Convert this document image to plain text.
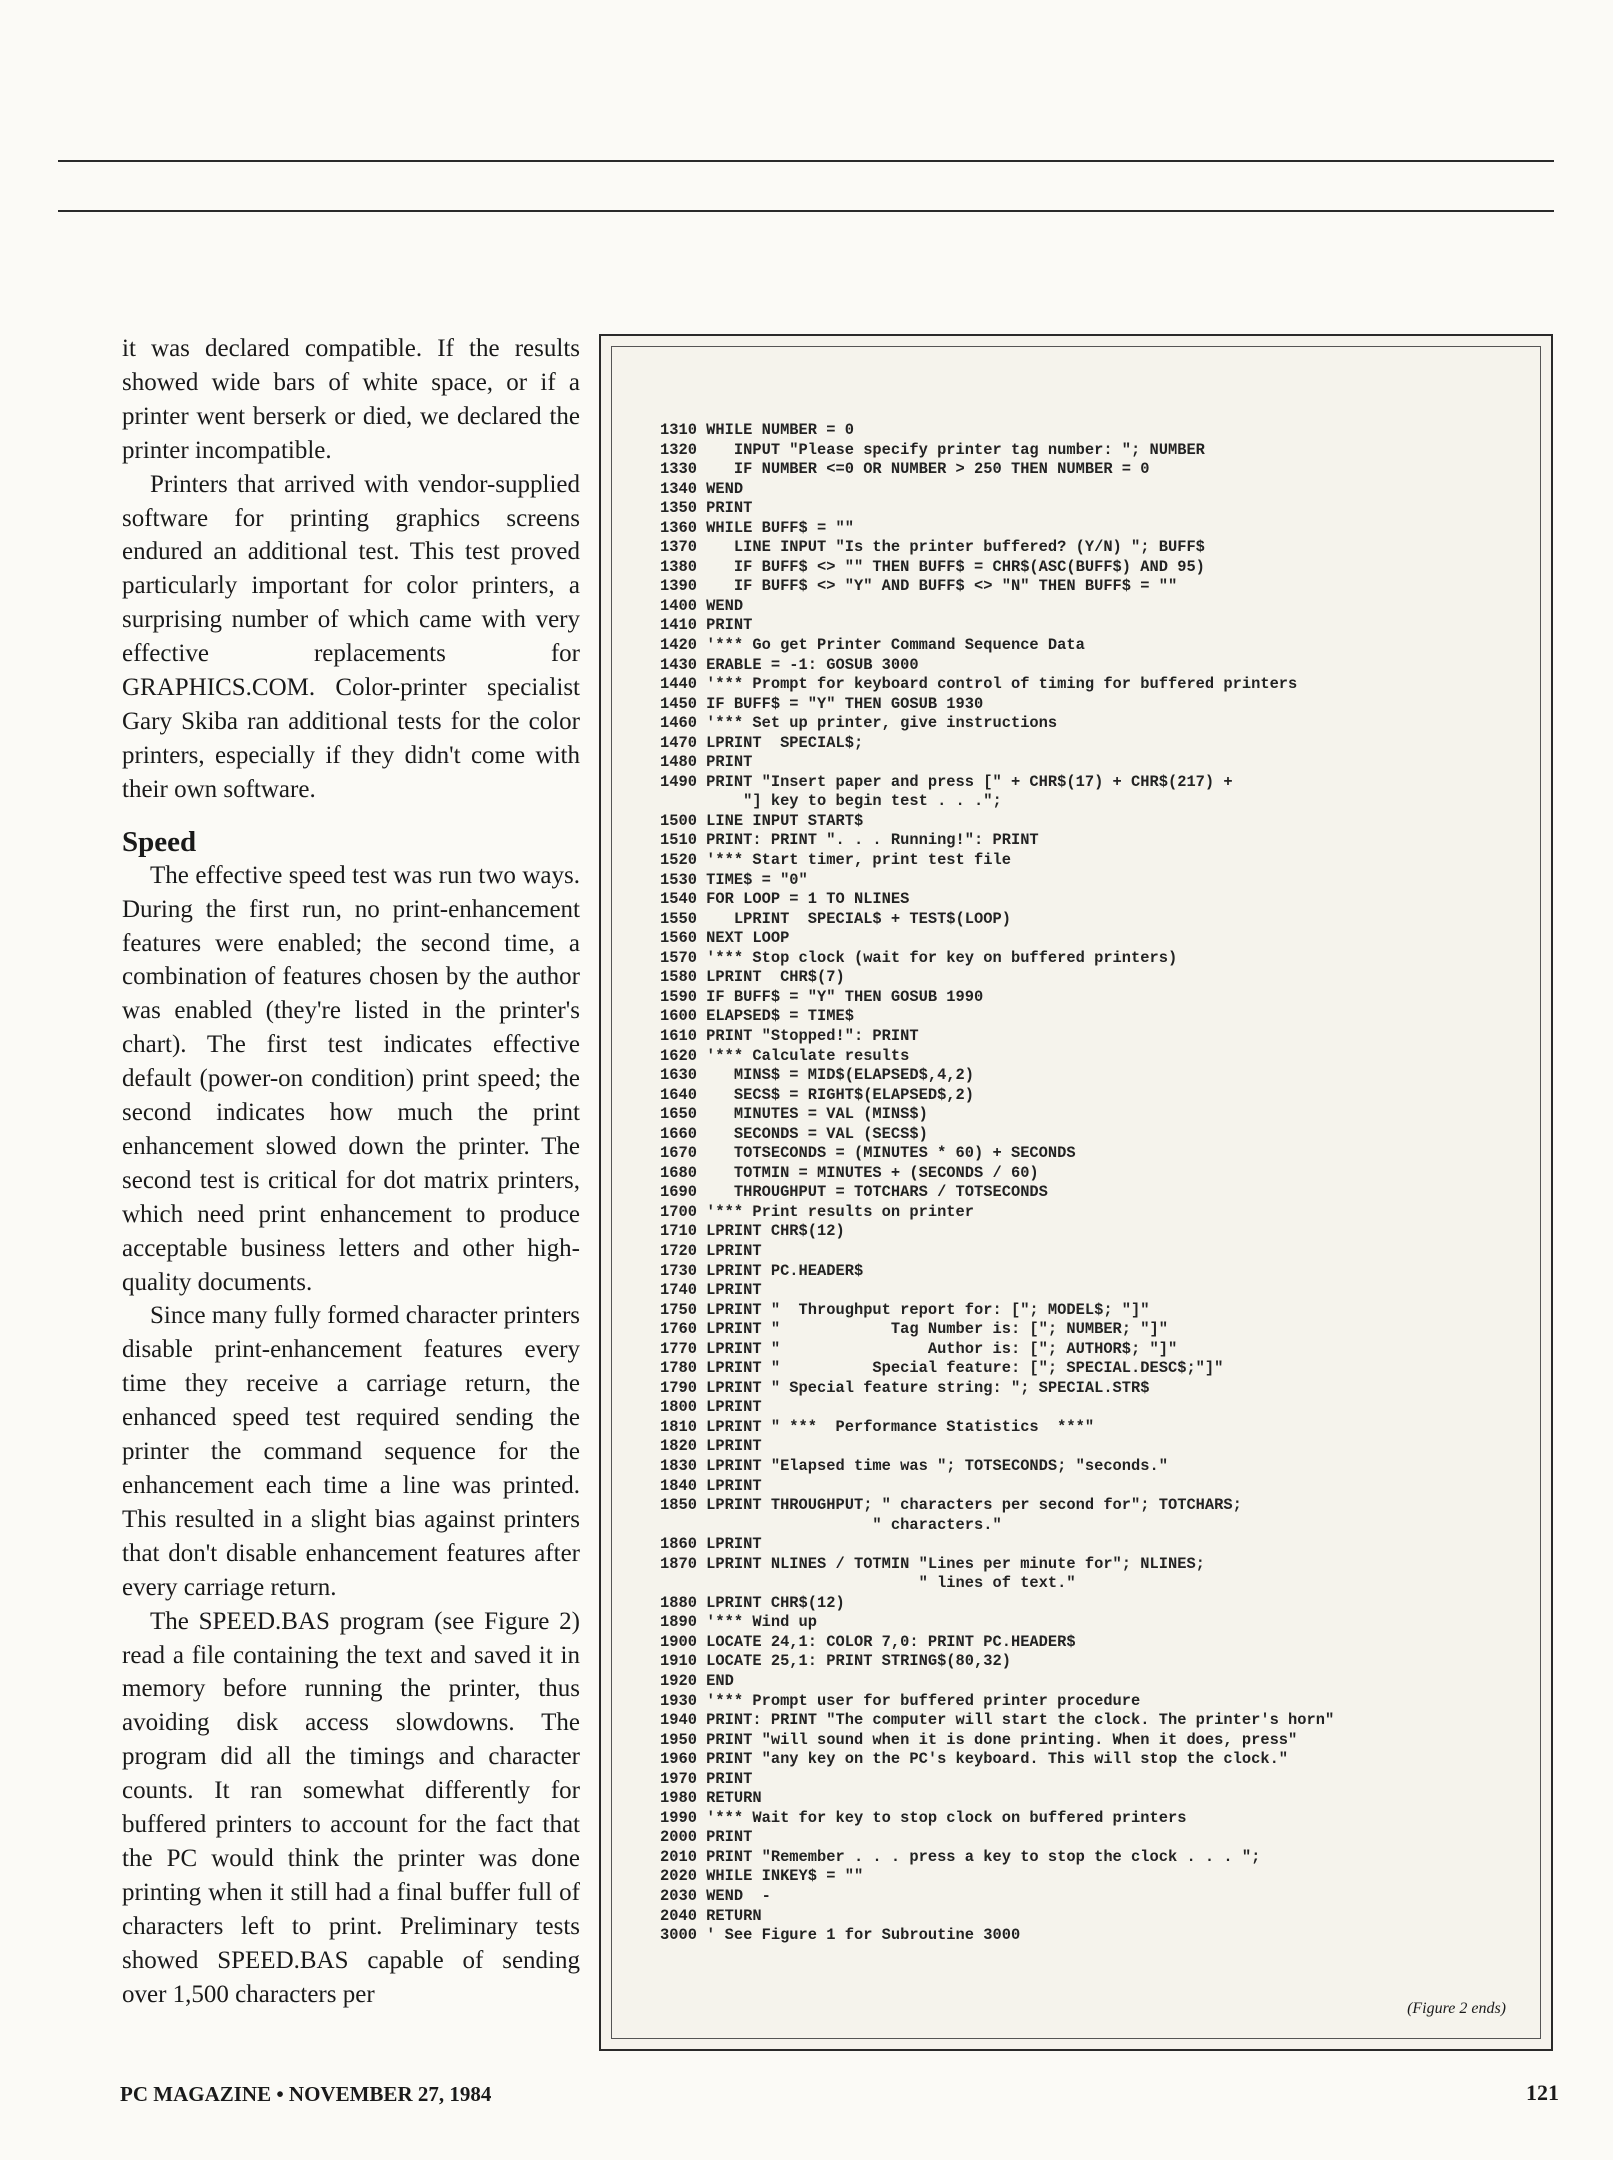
it was declared compatible. If the results showed wide bars of white space, or if a printer went berserk or died, we declared the printer incompatible.

Printers that arrived with vendor-supplied software for printing graphics screens endured an additional test. This test proved particularly important for color printers, a surprising number of which came with very effective replacements for GRAPHICS.COM. Color-printer specialist Gary Skiba ran additional tests for the color printers, especially if they didn't come with their own software.

Speed

The effective speed test was run two ways. During the first run, no print-enhancement features were enabled; the second time, a combination of features chosen by the author was enabled (they're listed in the printer's chart). The first test indicates effective default (power-on condition) print speed; the second indicates how much the print enhancement slowed down the printer. The second test is critical for dot matrix printers, which need print enhancement to produce acceptable business letters and other high-quality documents.

Since many fully formed character printers disable print-enhancement features every time they receive a carriage return, the enhanced speed test required sending the printer the command sequence for the enhancement each time a line was printed. This resulted in a slight bias against printers that don't disable enhancement features after every carriage return.

The SPEED.BAS program (see Figure 2) read a file containing the text and saved it in memory before running the printer, thus avoiding disk access slowdowns. The program did all the timings and character counts. It ran somewhat differently for buffered printers to account for the fact that the PC would think the printer was done printing when it still had a final buffer full of characters left to print. Preliminary tests showed SPEED.BAS capable of sending over 1,500 characters per

1310 WHILE NUMBER = 0
1320    INPUT "Please specify printer tag number: "; NUMBER
1330    IF NUMBER <=0 OR NUMBER > 250 THEN NUMBER = 0
1340 WEND
1350 PRINT
1360 WHILE BUFF$ = ""
1370    LINE INPUT "Is the printer buffered? (Y/N) "; BUFF$
1380    IF BUFF$ <> "" THEN BUFF$ = CHR$(ASC(BUFF$) AND 95)
1390    IF BUFF$ <> "Y" AND BUFF$ <> "N" THEN BUFF$ = ""
1400 WEND
1410 PRINT
1420 '*** Go get Printer Command Sequence Data
1430 ERABLE = -1: GOSUB 3000
1440 '*** Prompt for keyboard control of timing for buffered printers
1450 IF BUFF$ = "Y" THEN GOSUB 1930
1460 '*** Set up printer, give instructions
1470 LPRINT  SPECIAL$;
1480 PRINT
1490 PRINT "Insert paper and press [" + CHR$(17) + CHR$(217) +
"] key to begin test . . .";
1500 LINE INPUT START$
1510 PRINT: PRINT ". . . Running!": PRINT
1520 '*** Start timer, print test file
1530 TIME$ = "0"
1540 FOR LOOP = 1 TO NLINES
1550    LPRINT  SPECIAL$ + TEST$(LOOP)
1560 NEXT LOOP
1570 '*** Stop clock (wait for key on buffered printers)
1580 LPRINT  CHR$(7)
1590 IF BUFF$ = "Y" THEN GOSUB 1990
1600 ELAPSED$ = TIME$
1610 PRINT "Stopped!": PRINT
1620 '*** Calculate results
1630    MINS$ = MID$(ELAPSED$,4,2)
1640    SECS$ = RIGHT$(ELAPSED$,2)
1650    MINUTES = VAL (MINS$)
1660    SECONDS = VAL (SECS$)
1670    TOTSECONDS = (MINUTES * 60) + SECONDS
1680    TOTMIN = MINUTES + (SECONDS / 60)
1690    THROUGHPUT = TOTCHARS / TOTSECONDS
1700 '*** Print results on printer
1710 LPRINT CHR$(12)
1720 LPRINT
1730 LPRINT PC.HEADER$
1740 LPRINT
1750 LPRINT "  Throughput report for: ["; MODEL$; "]"
1760 LPRINT "            Tag Number is: ["; NUMBER; "]"
1770 LPRINT "                Author is: ["; AUTHOR$; "]"
1780 LPRINT "          Special feature: ["; SPECIAL.DESC$;"]"
1790 LPRINT " Special feature string: "; SPECIAL.STR$
1800 LPRINT
1810 LPRINT " ***  Performance Statistics  ***"
1820 LPRINT
1830 LPRINT "Elapsed time was "; TOTSECONDS; "seconds."
1840 LPRINT
1850 LPRINT THROUGHPUT; " characters per second for"; TOTCHARS;
" characters."
1860 LPRINT
1870 LPRINT NLINES / TOTMIN "Lines per minute for"; NLINES;
" lines of text."
1880 LPRINT CHR$(12)
1890 '*** Wind up
1900 LOCATE 24,1: COLOR 7,0: PRINT PC.HEADER$
1910 LOCATE 25,1: PRINT STRING$(80,32)
1920 END
1930 '*** Prompt user for buffered printer procedure
1940 PRINT: PRINT "The computer will start the clock. The printer's horn"
1950 PRINT "will sound when it is done printing. When it does, press"
1960 PRINT "any key on the PC's keyboard. This will stop the clock."
1970 PRINT
1980 RETURN
1990 '*** Wait for key to stop clock on buffered printers
2000 PRINT
2010 PRINT "Remember . . . press a key to stop the clock . . . ";
2020 WHILE INKEY$ = ""
2030 WEND  -
2040 RETURN
3000 ' See Figure 1 for Subroutine 3000

(Figure 2 ends)
PC MAGAZINE • NOVEMBER 27, 1984	121
